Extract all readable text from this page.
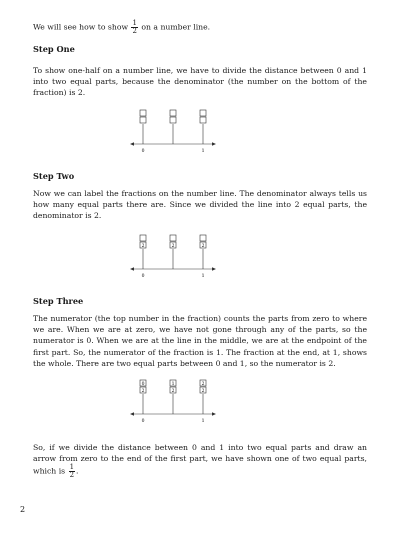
We will see how to show $\frac{1}{2}$ on a number line.

Step One

To show one-half on a number line, we have to divide the distance between 0 and 1 into two equal parts, because the denominator (the number on the bottom of the fraction) is 2.

0	1

Step Two

Now we can label the fractions on the number line. The denominator always tells us how many equal parts there are. Since we divided the line into 2 equal parts, the denominator is 2.

2	2	2
0	1

Step Three

The numerator (the top number in the fraction) counts the parts from zero to where we are. When we are at zero, we have not gone through any of the parts, so the numerator is 0. When we are at the line in the middle, we are at the endpoint of the first part. So, the numerator of the fraction is 1. The fraction at the end, at 1, shows the whole. There are two equal parts between 0 and 1, so the numerator is 2.

0	1	2
2	2	2
0	1

So, if we divide the distance between 0 and 1 into two equal parts and draw an arrow from zero to the end of the first part, we have shown one of two equal parts, which is $\frac{1}{2}$ .

2
